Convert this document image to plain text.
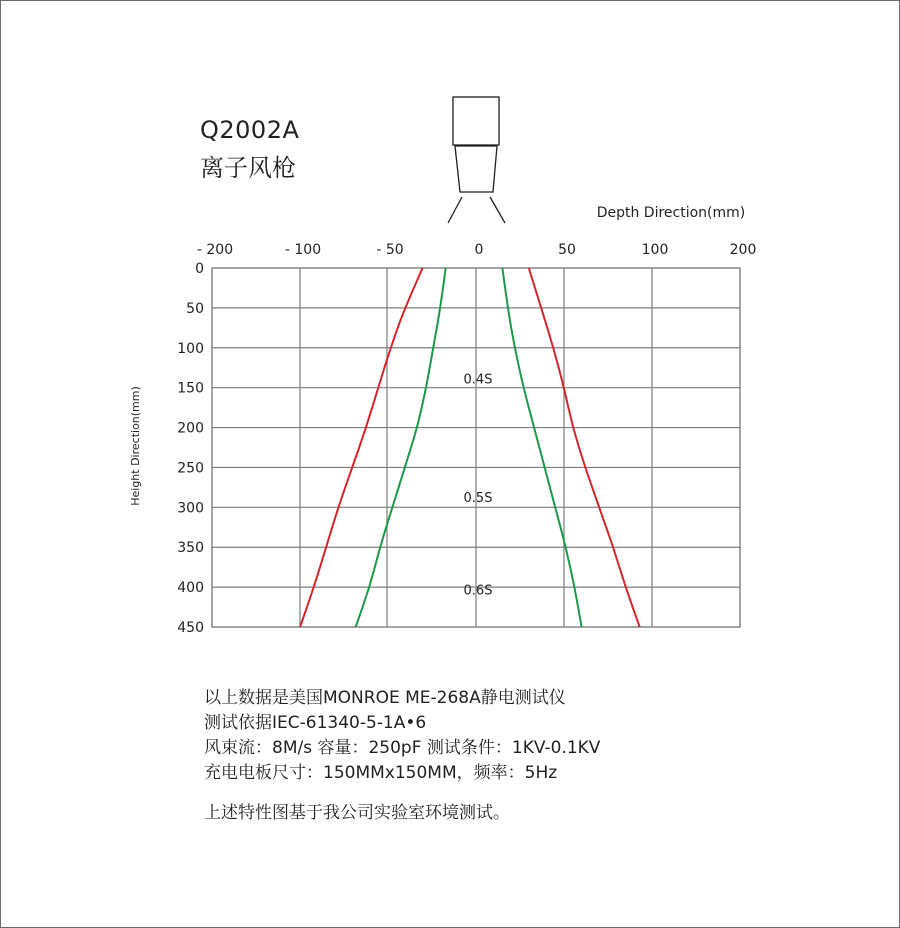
Q2002A
离子风枪
Depth Direction(mm)
Height Direction(mm)
- 200	- 100	- 50	0	50	100	200
0
50
100
150
200
250
300
350
400
450
0.4S
0.5S
0.6S
以上数据是美国MONROE ME-268A静电测试仪
测试依据IEC-61340-5-1A•6
风束流：8M/s 容量：250pF 测试条件：1KV-0.1KV
充电电板尺寸：150MMx150MM，频率：5Hz
上述特性图基于我公司实验室环境测试。
